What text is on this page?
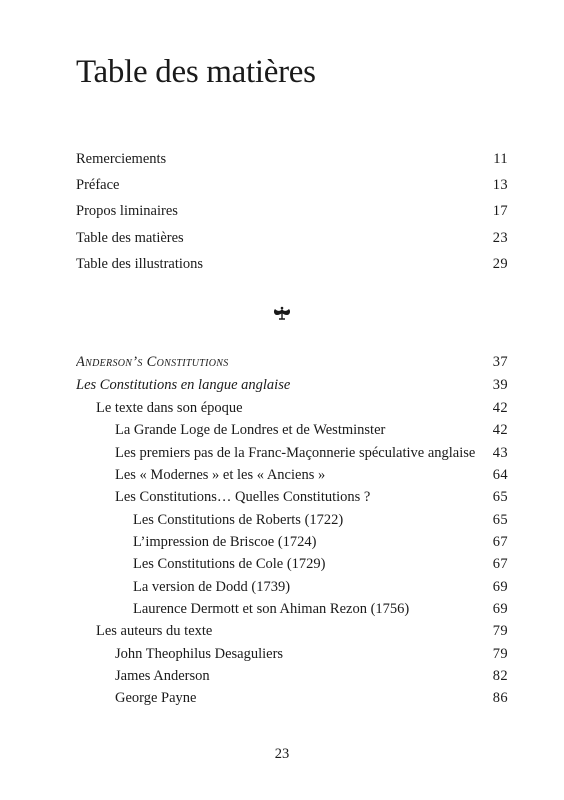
Table des matières
Remerciements	11
Préface	13
Propos liminaires	17
Table des matières	23
Table des illustrations	29
Anderson’s Constitutions	37
Les Constitutions en langue anglaise	39
Le texte dans son époque	42
La Grande Loge de Londres et de Westminster	42
Les premiers pas de la Franc-Maçonnerie spéculative anglaise	43
Les « Modernes » et les « Anciens »	64
Les Constitutions… Quelles Constitutions ?	65
Les Constitutions de Roberts (1722)	65
L’impression de Briscoe (1724)	67
Les Constitutions de Cole (1729)	67
La version de Dodd (1739)	69
Laurence Dermott et son Ahiman Rezon (1756)	69
Les auteurs du texte	79
John Theophilus Desaguliers	79
James Anderson	82
George Payne	86
23
